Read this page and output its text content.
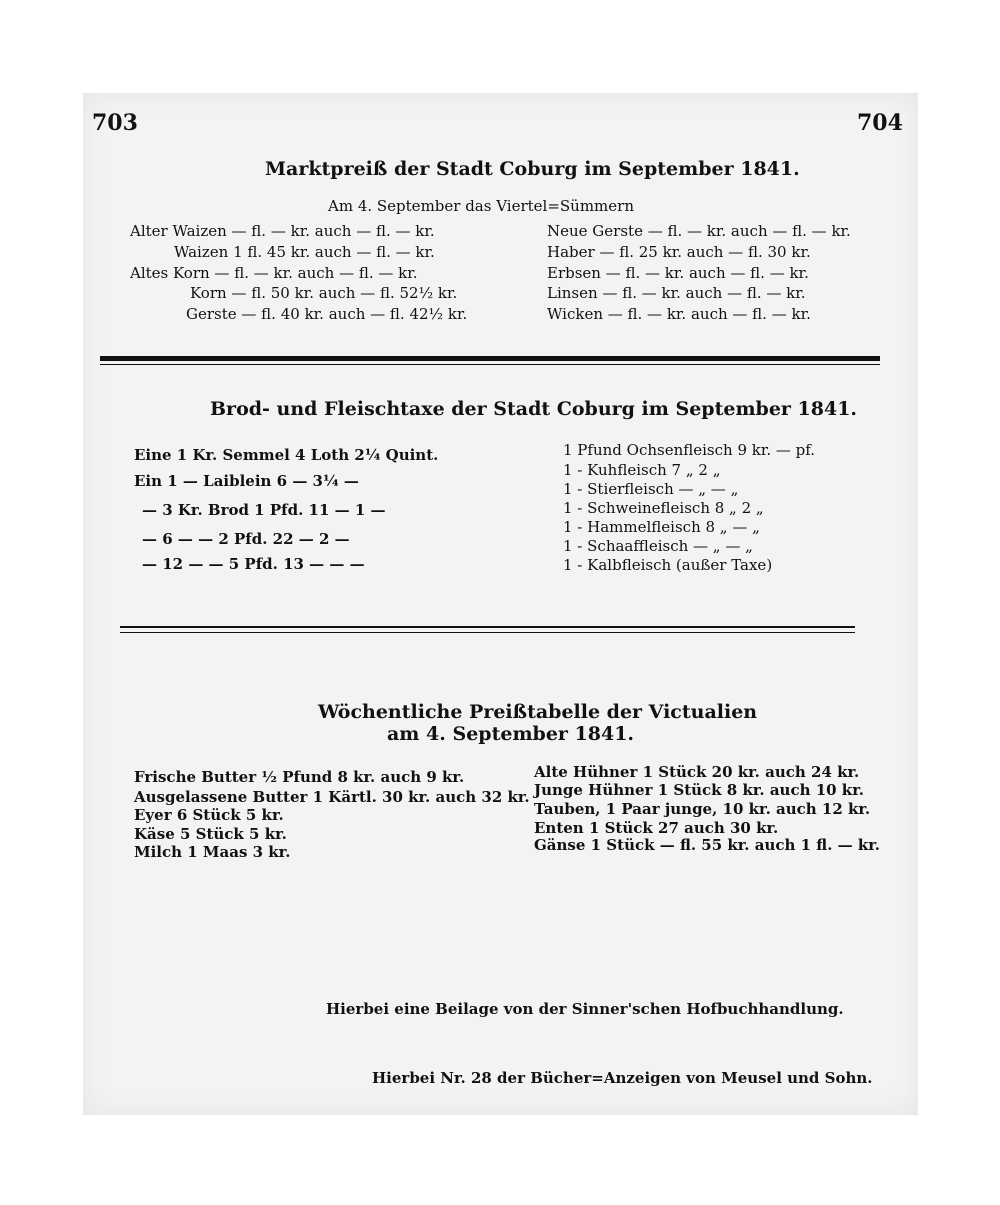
703	704
Marktpreiß der Stadt Coburg im September 1841.
Am 4. September das Viertel=Sümmern
Alter Waizen — fl. — kr. auch — fl. — kr.
Waizen 1 fl. 45 kr. auch — fl. — kr.
Altes Korn — fl. — kr. auch — fl. — kr.
Korn — fl. 50 kr. auch — fl. 52½ kr.
Gerste — fl. 40 kr. auch — fl. 42½ kr.
Neue Gerste — fl. — kr. auch — fl. — kr.
Haber — fl. 25 kr. auch — fl. 30 kr.
Erbsen — fl. — kr. auch — fl. — kr.
Linsen — fl. — kr. auch — fl. — kr.
Wicken — fl. — kr. auch — fl. — kr.
Brod- und Fleischtaxe der Stadt Coburg im September 1841.
Eine 1 Kr. Semmel 4 Loth 2¼ Quint.
Ein 1 — Laiblein 6 — 3¼ —
— 3 Kr. Brod 1 Pfd. 11 — 1 —
— 6 — — 2 Pfd. 22 — 2 —
— 12 — — 5 Pfd. 13 — — —
1 Pfund Ochsenfleisch 9 kr. — pf.
1 - Kuhfleisch 7 „ 2 „
1 - Stierfleisch — „ — „
1 - Schweinefleisch 8 „ 2 „
1 - Hammelfleisch 8 „ — „
1 - Schaaffleisch — „ — „
1 - Kalbfleisch (außer Taxe)
Wöchentliche Preißtabelle der Victualien
am 4. September 1841.
Frische Butter ½ Pfund 8 kr. auch 9 kr.
Ausgelassene Butter 1 Kärtl. 30 kr. auch 32 kr.
Eyer 6 Stück 5 kr.
Käse 5 Stück 5 kr.
Milch 1 Maas 3 kr.
Alte Hühner 1 Stück 20 kr. auch 24 kr.
Junge Hühner 1 Stück 8 kr. auch 10 kr.
Tauben, 1 Paar junge, 10 kr. auch 12 kr.
Enten 1 Stück 27 auch 30 kr.
Gänse 1 Stück — fl. 55 kr. auch 1 fl. — kr.
Hierbei eine Beilage von der Sinner'schen Hofbuchhandlung.
Hierbei Nr. 28 der Bücher=Anzeigen von Meusel und Sohn.
